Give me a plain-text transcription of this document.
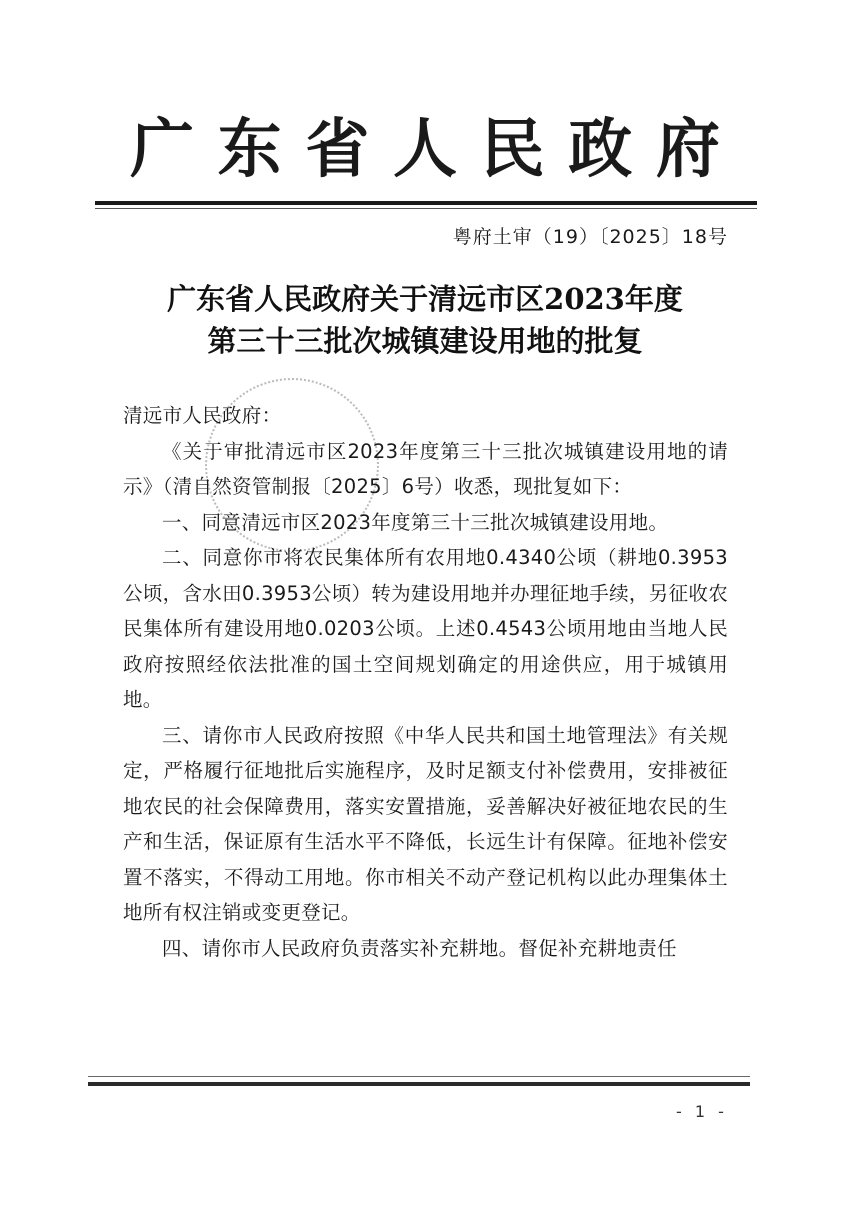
广 东 省 人 民 政 府
粤府土审（19）〔2025〕18号
广东省人民政府关于清远市区2023年度
第三十三批次城镇建设用地的批复

清远市人民政府：

《关于审批清远市区2023年度第三十三批次城镇建设用地的请示》（清自然资管制报〔2025〕6号）收悉，现批复如下：

一、同意清远市区2023年度第三十三批次城镇建设用地。

二、同意你市将农民集体所有农用地0.4340公顷（耕地0.3953公顷，含水田0.3953公顷）转为建设用地并办理征地手续，另征收农民集体所有建设用地0.0203公顷。上述0.4543公顷用地由当地人民政府按照经依法批准的国土空间规划确定的用途供应，用于城镇用地。

三、请你市人民政府按照《中华人民共和国土地管理法》有关规定，严格履行征地批后实施程序，及时足额支付补偿费用，安排被征地农民的社会保障费用，落实安置措施，妥善解决好被征地农民的生产和生活，保证原有生活水平不降低，长远生计有保障。征地补偿安置不落实，不得动工用地。你市相关不动产登记机构以此办理集体土地所有权注销或变更登记。

四、请你市人民政府负责落实补充耕地。督促补充耕地责任

- 1 -
